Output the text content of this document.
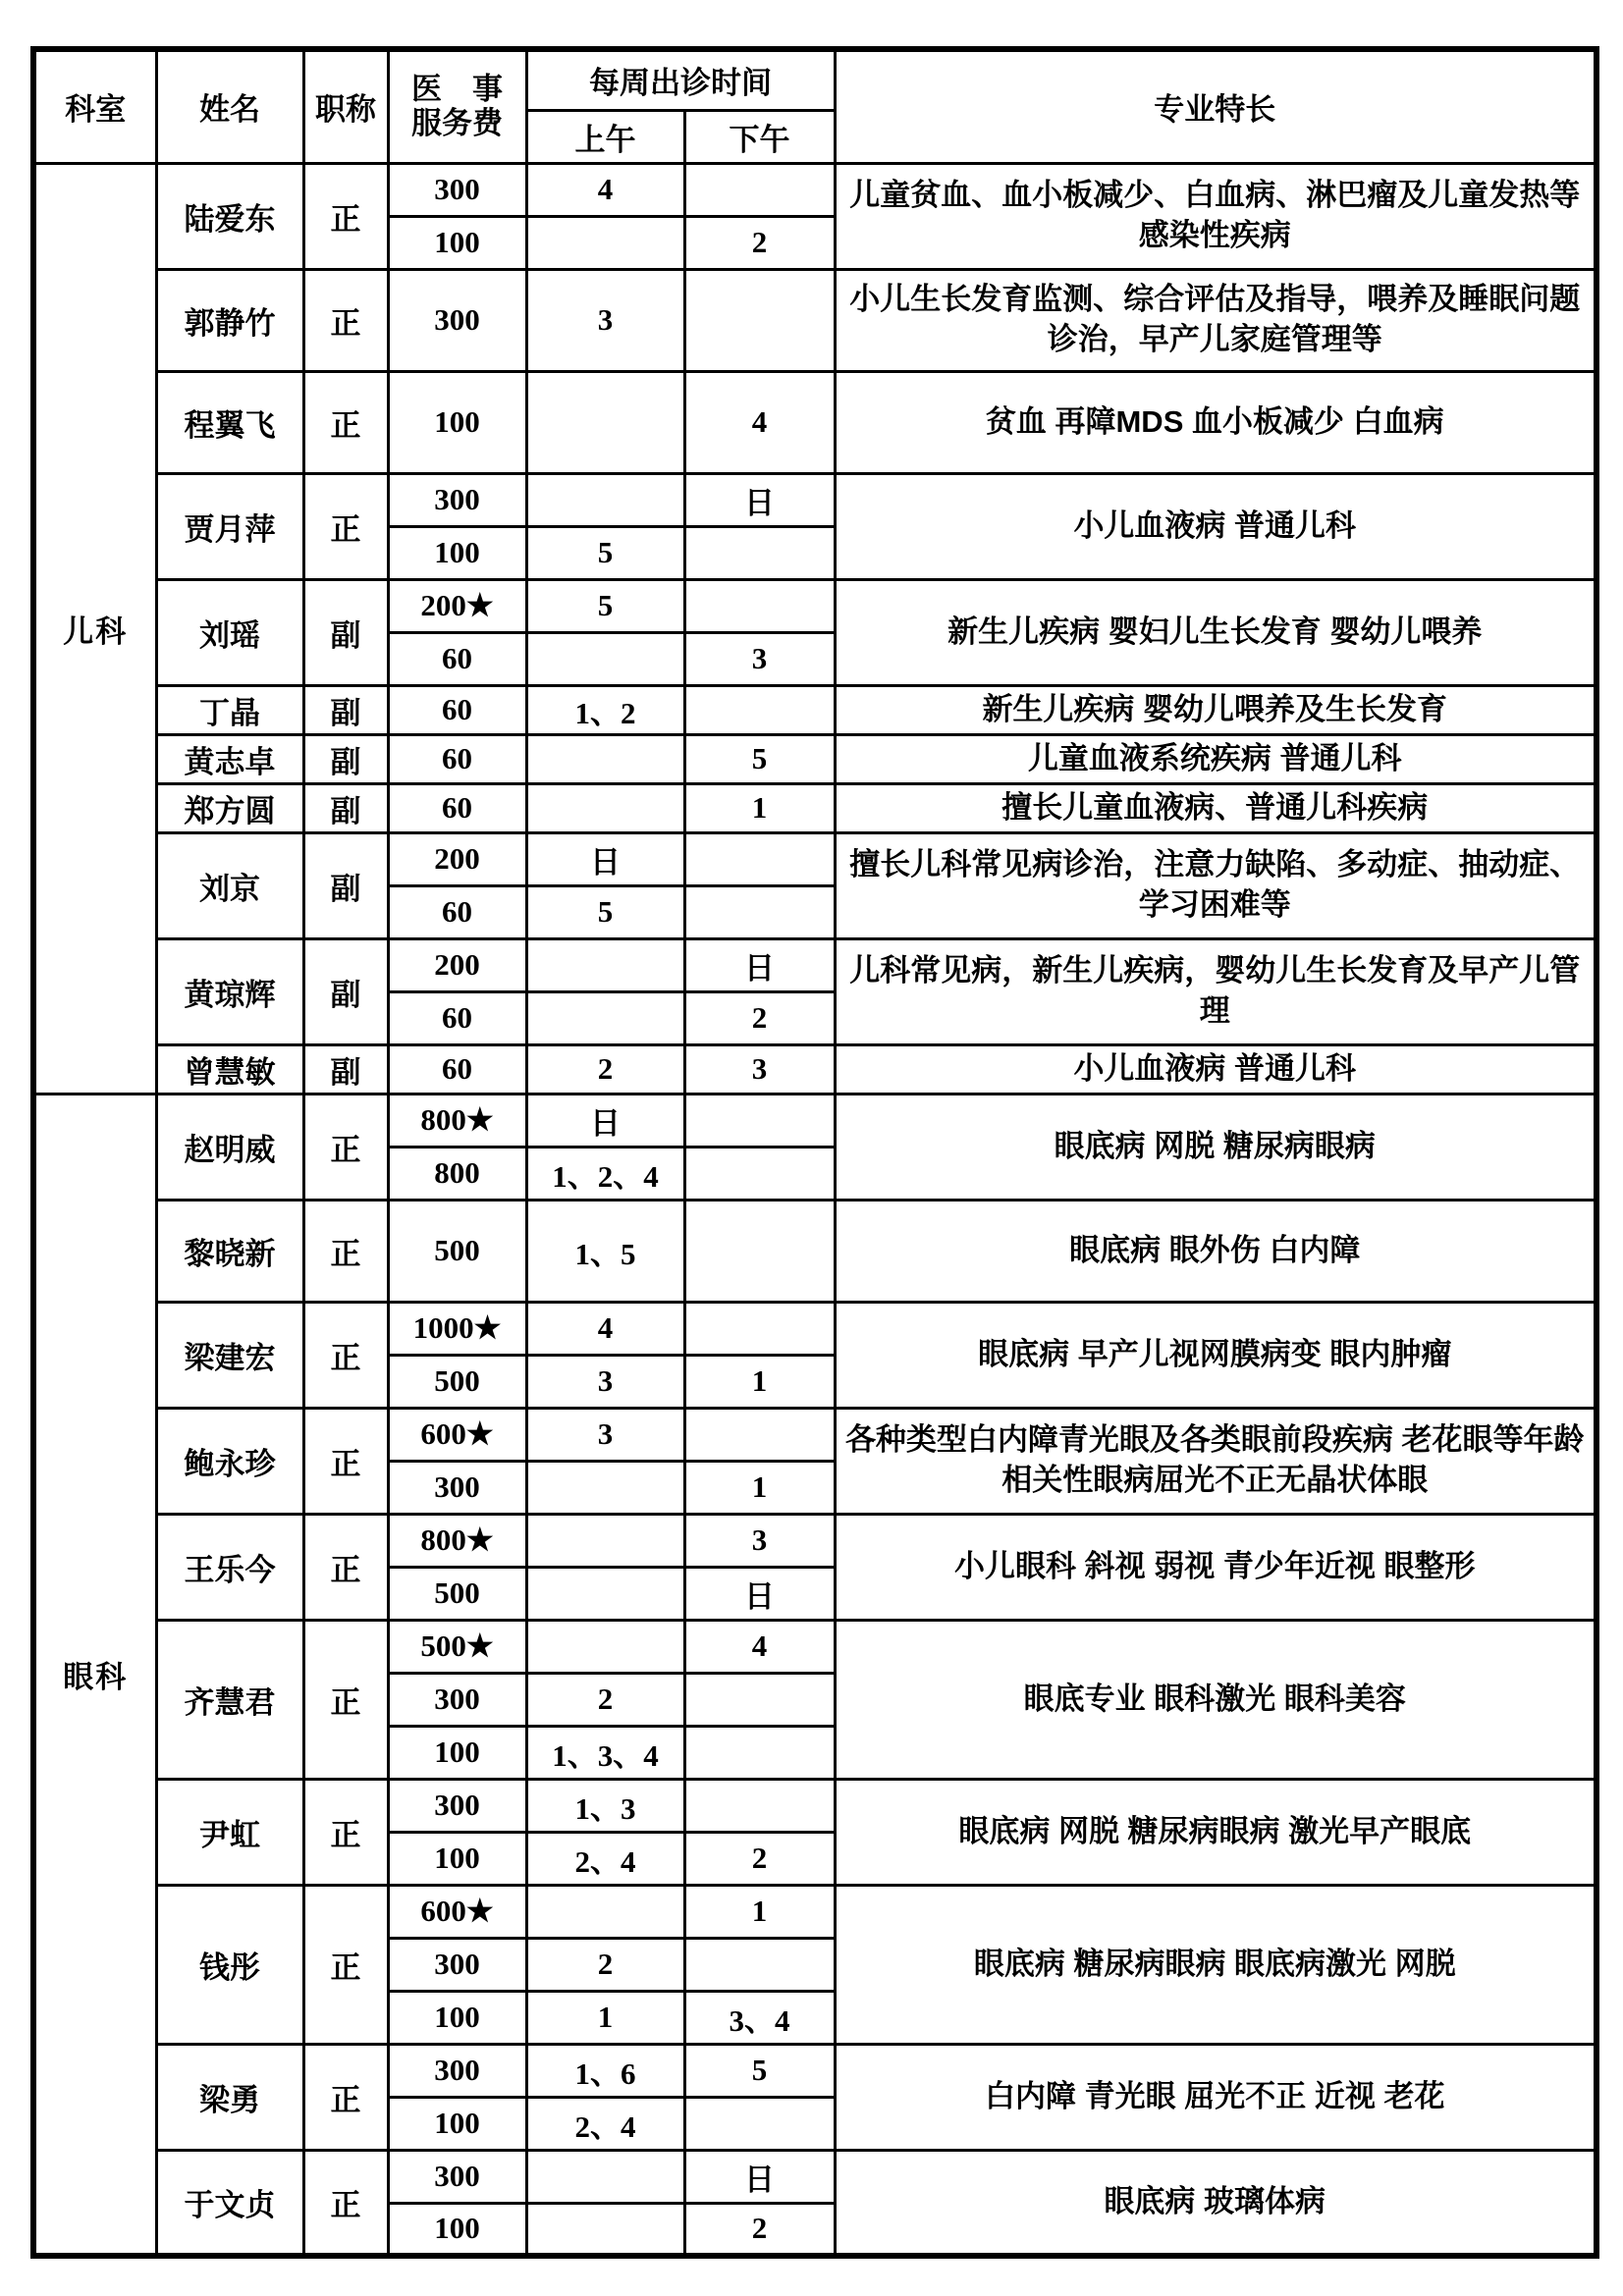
科室	姓名	职称	医　事
服务费	每周出诊时间		专业特长
				上午	下午	
儿科	陆爱东	正	300	4		儿童贫血、血小板减少、白血病、淋巴瘤及儿童发热等感染性疾病
			100		2	
	郭静竹	正	300	3		小儿生长发育监测、综合评估及指导，喂养及睡眠问题诊治，早产儿家庭管理等
	程翼飞	正	100		4	贫血 再障MDS 血小板减少 白血病
	贾月萍	正	300		日	小儿血液病 普通儿科
			100	5		
	刘瑶	副	200★	5		新生儿疾病 婴妇儿生长发育 婴幼儿喂养
			60		3	
	丁晶	副	60	1、2		新生儿疾病 婴幼儿喂养及生长发育
	黄志卓	副	60		5	儿童血液系统疾病 普通儿科
	郑方圆	副	60		1	擅长儿童血液病、普通儿科疾病
	刘京	副	200	日		擅长儿科常见病诊治，注意力缺陷、多动症、抽动症、学习困难等
			60	5		
	黄琼辉	副	200		日	儿科常见病，新生儿疾病，婴幼儿生长发育及早产儿管理
			60		2	
	曾慧敏	副	60	2	3	小儿血液病 普通儿科
眼科	赵明威	正	800★	日		眼底病 网脱 糖尿病眼病
			800	1、2、4		
	黎晓新	正	500	1、5		眼底病 眼外伤 白内障
	梁建宏	正	1000★	4		眼底病 早产儿视网膜病变 眼内肿瘤
			500	3	1	
	鲍永珍	正	600★	3		各种类型白内障青光眼及各类眼前段疾病 老花眼等年龄相关性眼病屈光不正无晶状体眼
			300		1	
	王乐今	正	800★		3	小儿眼科 斜视 弱视 青少年近视 眼整形
			500		日	
	齐慧君	正	500★		4	眼底专业 眼科激光 眼科美容
			300	2		
			100	1、3、4		
	尹虹	正	300	1、3		眼底病 网脱 糖尿病眼病 激光早产眼底
			100	2、4	2	
	钱彤	正	600★		1	眼底病 糖尿病眼病 眼底病激光 网脱
			300	2		
			100	1	3、4	
	梁勇	正	300	1、6	5	白内障 青光眼 屈光不正 近视 老花
			100	2、4		
	于文贞	正	300		日	眼底病 玻璃体病
			100		2	
